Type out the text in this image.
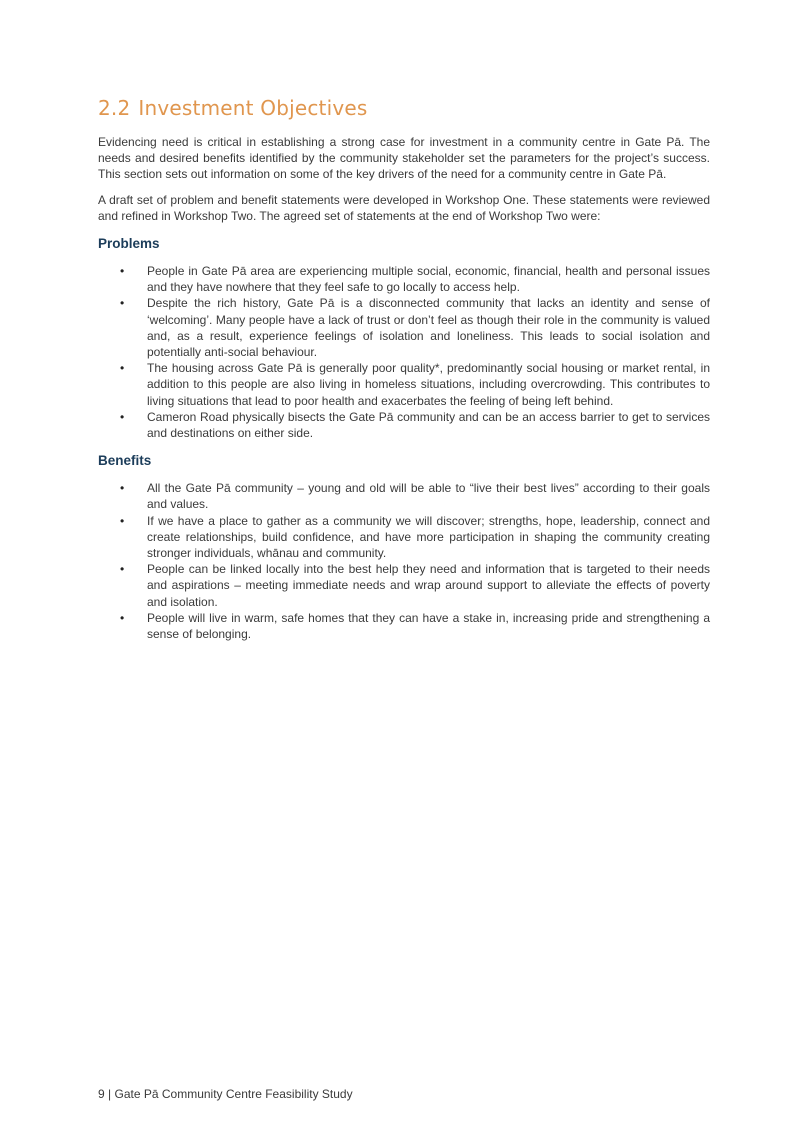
2.2 Investment Objectives

Evidencing need is critical in establishing a strong case for investment in a community centre in Gate Pā. The needs and desired benefits identified by the community stakeholder set the parameters for the project’s success. This section sets out information on some of the key drivers of the need for a community centre in Gate Pā.

A draft set of problem and benefit statements were developed in Workshop One. These statements were reviewed and refined in Workshop Two. The agreed set of statements at the end of Workshop Two were:

Problems
• People in Gate Pā area are experiencing multiple social, economic, financial, health and personal issues and they have nowhere that they feel safe to go locally to access help.
• Despite the rich history, Gate Pā is a disconnected community that lacks an identity and sense of ‘welcoming’. Many people have a lack of trust or don’t feel as though their role in the community is valued and, as a result, experience feelings of isolation and loneliness. This leads to social isolation and potentially anti-social behaviour.
• The housing across Gate Pā is generally poor quality*, predominantly social housing or market rental, in addition to this people are also living in homeless situations, including overcrowding. This contributes to living situations that lead to poor health and exacerbates the feeling of being left behind.
• Cameron Road physically bisects the Gate Pā community and can be an access barrier to get to services and destinations on either side.
Benefits
• All the Gate Pā community – young and old will be able to “live their best lives” according to their goals and values.
• If we have a place to gather as a community we will discover; strengths, hope, leadership, connect and create relationships, build confidence, and have more participation in shaping the community creating stronger individuals, whānau and community.
• People can be linked locally into the best help they need and information that is targeted to their needs and aspirations – meeting immediate needs and wrap around support to alleviate the effects of poverty and isolation.
• People will live in warm, safe homes that they can have a stake in, increasing pride and strengthening a sense of belonging.
9 | Gate Pā Community Centre Feasibility Study
